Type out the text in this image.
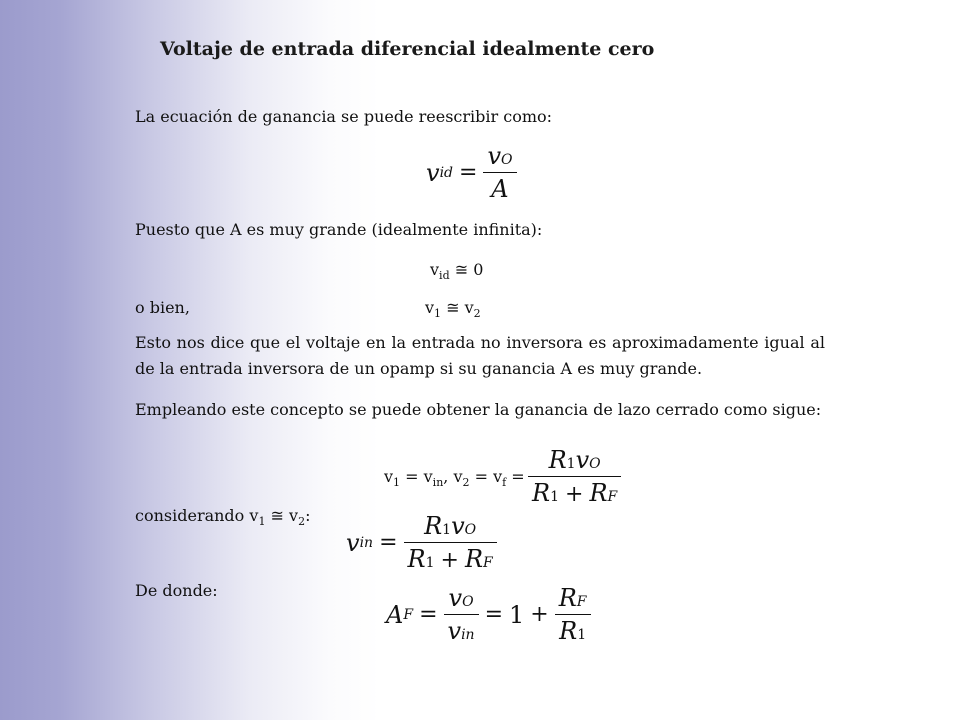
Voltaje de entrada diferencial idealmente cero
La ecuación de ganancia se puede reescribir como:
v id = $\frac{vO}{A}$
Puesto que A es muy grande (idealmente infinita):
$v_{id}$ ≅ 0
o bien,	$v_1$ ≅ $v_2$
Esto nos dice que el voltaje en la entrada no inversora es aproximadamente igual al de la entrada inversora de un opamp si su ganancia A es muy grande.
Empleando este concepto se puede obtener la ganancia de lazo cerrado como sigue:
$v_1 = v_{in}$, $v_2 = v_f = \frac{R1vO}{R1 + RF}$
considerando $v_1$ ≅ $v_2$:
v in = $\frac{R1vO}{R1 + RF}$
De donde:
A $F = \frac{vO}{\text{vin}} = 1 + \frac{RF}{R1}$
